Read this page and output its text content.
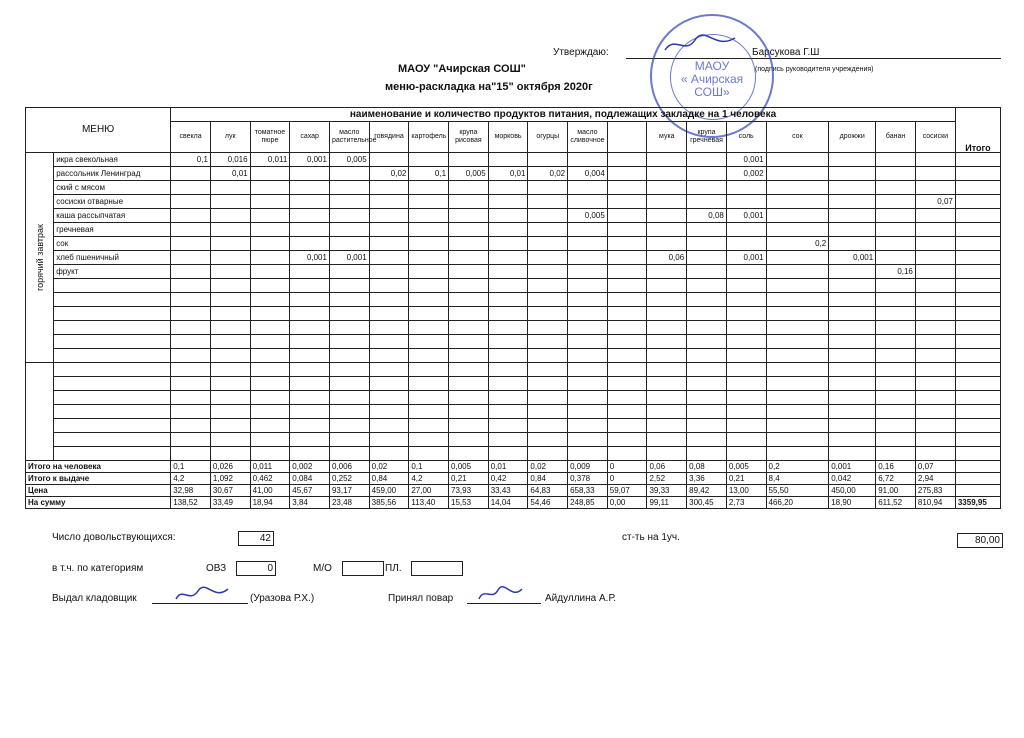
Утверждаю:	Барсукова Г.Ш
(подпись руководителя учреждения)
МАОУ "Ачирская СОШ"
меню-раскладка на"15" октября 2020г
МАОУ
« Ачирская
СОШ»
МЕНЮ		наименование и количество продуктов питания, подлежащих закладке на 1 человека																			Итого
		свекла	лук	томатное пюре	сахар	масло растительное	говядина	картофель	крупа рисовая	морковь	огурцы	масло сливочное		мука	крупа гречневая	соль	сок	дрожжи	банан	сосиски	

горячий завтрак	икра свекольная	0,1	0,016	0,011	0,001	0,005										0,001					
	рассольник Ленинград		0,01				0,02	0,1	0,005	0,01	0,02	0,004				0,002					
	ский с мясом																				
	сосиски отварные																			0,07	
	каша рассыпчатая											0,005			0,08	0,001					
	гречневая																				
	сок																0,2				
	хлеб пшеничный				0,001	0,001								0,06		0,001		0,001			
	фрукт																		0,16		

Итого на человека		0,1	0,026	0,011	0,002	0,006	0,02	0,1	0,005	0,01	0,02	0,009	0	0,06	0,08	0,005	0,2	0,001	0,16	0,07	
Итого к выдаче		4,2	1,092	0,462	0,084	0,252	0,84	4,2	0,21	0,42	0,84	0,378	0	2,52	3,36	0,21	8,4	0,042	6,72	2,94	
Цена		32,98	30,67	41,00	45,67	93,17	459,00	27,00	73,93	33,43	64,83	658,33	59,07	39,33	89,42	13,00	55,50	450,00	91,00	275,83	
На сумму		138,52	33,49	18,94	3,84	23,48	385,56	113,40	15,53	14,04	54,46	248,85	0,00	99,11	300,45	2,73	466,20	18,90	611,52	810,94	3359,95
Число довольствующихся:	42	ст-ть на 1уч.	80,00
в т.ч. по категориям	ОВЗ	0	М/О	ПЛ.
Выдал кладовщик	(Уразова Р.Х.)	Принял повар	Айдуллина А.Р.
